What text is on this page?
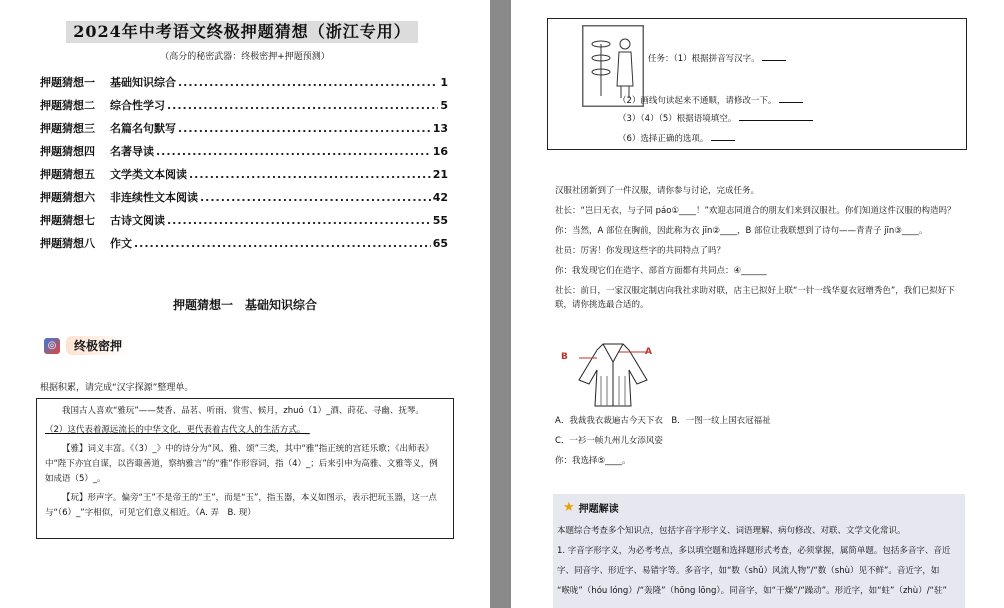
2024年中考语文终极押题猜想（浙江专用）
（高分的秘密武器：终极密押+押题预测）
押题猜想一	基础知识综合 .....	1
押题猜想二	综合性学习 .....	5
押题猜想三	名篇名句默写 .....	13
押题猜想四	名著导读 .....	16
押题猜想五	文学类文本阅读 .....	21
押题猜想六	非连续性文本阅读 .....	42
押题猜想七	古诗文阅读 .....	55
押题猜想八	作文 .....	65
押题猜想一　基础知识综合
◎	终极密押
根据积累，请完成“汉字探源”整理单。

我国古人喜欢“雅玩”——焚香、品茗、听雨、赏雪、候月，zhuó（1）_酒、莳花、寻幽、抚琴。

（2）这代表着源远流长的中华文化，更代表着古代文人的生活方式。_

【雅】词义丰富。《（3）_》中的诗分为“风、雅、颂”三类，其中“雅”指正统的宫廷乐歌；《出师表》中“陛下亦宜自谋，以咨诹善道，察纳雅言”的“雅”作形容词，指（4）_；后来引申为高雅、文雅等义，例如成语（5）_。

【玩】形声字。偏旁“王”不是帝王的“王”，而是“玉”，指玉器，本义如图示，表示把玩玉器，这一点与“（6）_”字相似，可见它们意义相近。（A. 弄　B. 现）

任务：（1）根据拼音写汉字。
（2）画线句读起来不通顺，请修改一下。
（3）（4）（5）根据语境填空。
（6）选择正确的选项。
汉服社团新到了一件汉服，请你参与讨论，完成任务。
社长：“岂曰无衣，与子同 páo①____！”欢迎志同道合的朋友们来到汉服社。你们知道这件汉服的构造吗？
你：当然，A 部位在胸前，因此称为衣 jīn②____，B 部位让我联想到了诗句——青青子 jīn③____。
社员：厉害！你发现这些字的共同特点了吗？
你：我发现它们在造字、部首方面都有共同点：④______
社长：前日，一家汉服定制店向我社求助对联，店主已拟好上联“一针一线华夏衣冠增秀色”，我们已拟好下联，请你挑选最合适的。
A
B
A．我裁我衣裁遍古今天下衣　B．一图一纹上国衣冠福祉
C．一衫一帧九州儿女添风姿
你：我选择⑤____。
★ 押题解读
本题综合考查多个知识点，包括字音字形字义、词语理解、病句修改、对联、文学文化常识。
1. 字音字形字义，为必考考点，多以填空题和选择题形式考查，必须掌握，属简单题。包括多音字、音近
字、同音字、形近字、易错字等。多音字，如“数（shǔ）风流人物”/“数（shù）见不鲜”。音近字，如
“喉咙”（hóu lóng）/“轰隆”（hōng lōng）。同音字，如“干燥”/“躁动”。形近字，如“蛀”（zhù）/“驻”
